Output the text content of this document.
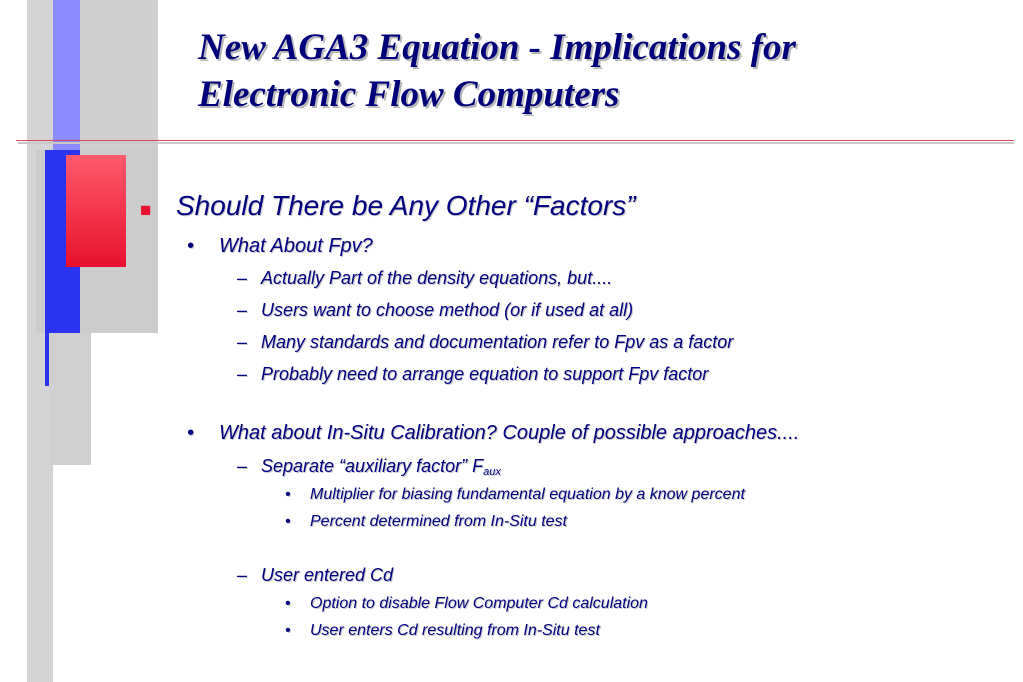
New AGA3 Equation - Implications for
Electronic Flow Computers
■ Should There be Any Other “Factors”
• What About Fpv?
– Actually Part of the density equations, but....
– Users want to choose method (or if used at all)
– Many standards and documentation refer to Fpv as a factor
– Probably need to arrange equation to support Fpv factor
• What about In-Situ Calibration? Couple of possible approaches....
– Separate “auxiliary factor” $F_{aux}$
• Multiplier for biasing fundamental equation by a know percent
• Percent determined from In-Situ test
– User entered Cd
• Option to disable Flow Computer Cd calculation
• User enters Cd resulting from In-Situ test
